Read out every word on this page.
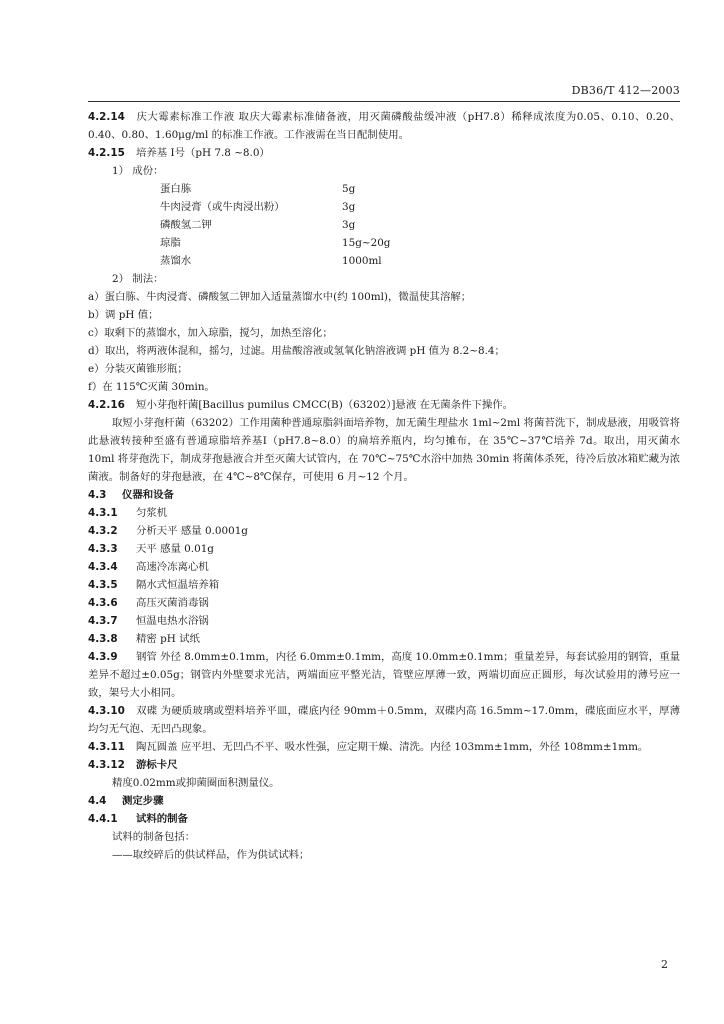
DB36/T 412—2003
4.2.14 庆大霉素标准工作液 取庆大霉素标准储备液，用灭菌磷酸盐缓冲液（pH7.8）稀释成浓度为0.05、0.10、0.20、0.40、0.80、1.60μg/ml 的标准工作液。工作液需在当日配制使用。
4.2.15 培养基 Ⅰ号（pH 7.8 ~8.0）
1） 成份：
蛋白胨	5g
牛肉浸膏（或牛肉浸出粉）	3g
磷酸氢二钾	3g
琼脂	15g~20g
蒸馏水	1000ml
2） 制法：
a）蛋白胨、牛肉浸膏、磷酸氢二钾加入适量蒸馏水中(约 100ml)，微温使其溶解；
b）调 pH 值；
c）取剩下的蒸馏水，加入琼脂，搅匀，加热至溶化；
d）取出，将两液体混和，摇匀，过滤。用盐酸溶液或氢氧化钠溶液调 pH 值为 8.2~8.4；
e）分装灭菌锥形瓶；
f）在 115℃灭菌 30min。
4.2.16 短小芽孢杆菌[Bacillus pumilus CMCC(B)（63202）]悬液 在无菌条件下操作。
取短小芽孢杆菌（63202）工作用菌种普通琼脂斜面培养物，加无菌生理盐水 1ml~2ml 将菌苔洗下，制成悬液，用吸管将此悬液转接种至盛有普通琼脂培养基Ⅰ（pH7.8~8.0）的扁培养瓶内，均匀摊布，在 35℃~37℃培养 7d。取出，用灭菌水 10ml 将芽孢洗下，制成芽孢悬液合并至灭菌大试管内，在 70℃~75℃水浴中加热 30min 将菌体杀死，待冷后放冰箱贮藏为浓菌液。制备好的芽孢悬液，在 4℃~8℃保存，可使用 6 月~12 个月。
4.3 仪器和设备
4.3.1 匀浆机
4.3.2 分析天平 感量 0.0001g
4.3.3 天平 感量 0.01g
4.3.4 高速冷冻离心机
4.3.5 隔水式恒温培养箱
4.3.6 高压灭菌消毒锅
4.3.7 恒温电热水浴锅
4.3.8 精密 pH 试纸
4.3.9 钢管 外径 8.0mm±0.1mm，内径 6.0mm±0.1mm，高度 10.0mm±0.1mm；重量差异，每套试验用的钢管，重量差异不超过±0.05g；钢管内外壁要求光洁，两端面应平整光洁，管壁应厚薄一致，两端切面应正圆形，每次试验用的薄号应一致，架号大小相同。
4.3.10 双碟 为硬质玻璃或塑料培养平皿，碟底内径 90mm＋0.5mm，双碟内高 16.5mm~17.0mm，碟底面应水平，厚薄均匀无气泡、无凹凸现象。
4.3.11 陶瓦圆盖 应平坦、无凹凸不平、吸水性强，应定期干燥、清洗。内径 103mm±1mm，外径 108mm±1mm。
4.3.12 游标卡尺
精度0.02mm或抑菌圈面积测量仪。
4.4 测定步骤
4.4.1 试料的制备
试料的制备包括：
——取绞碎后的供试样品，作为供试试料；
2
